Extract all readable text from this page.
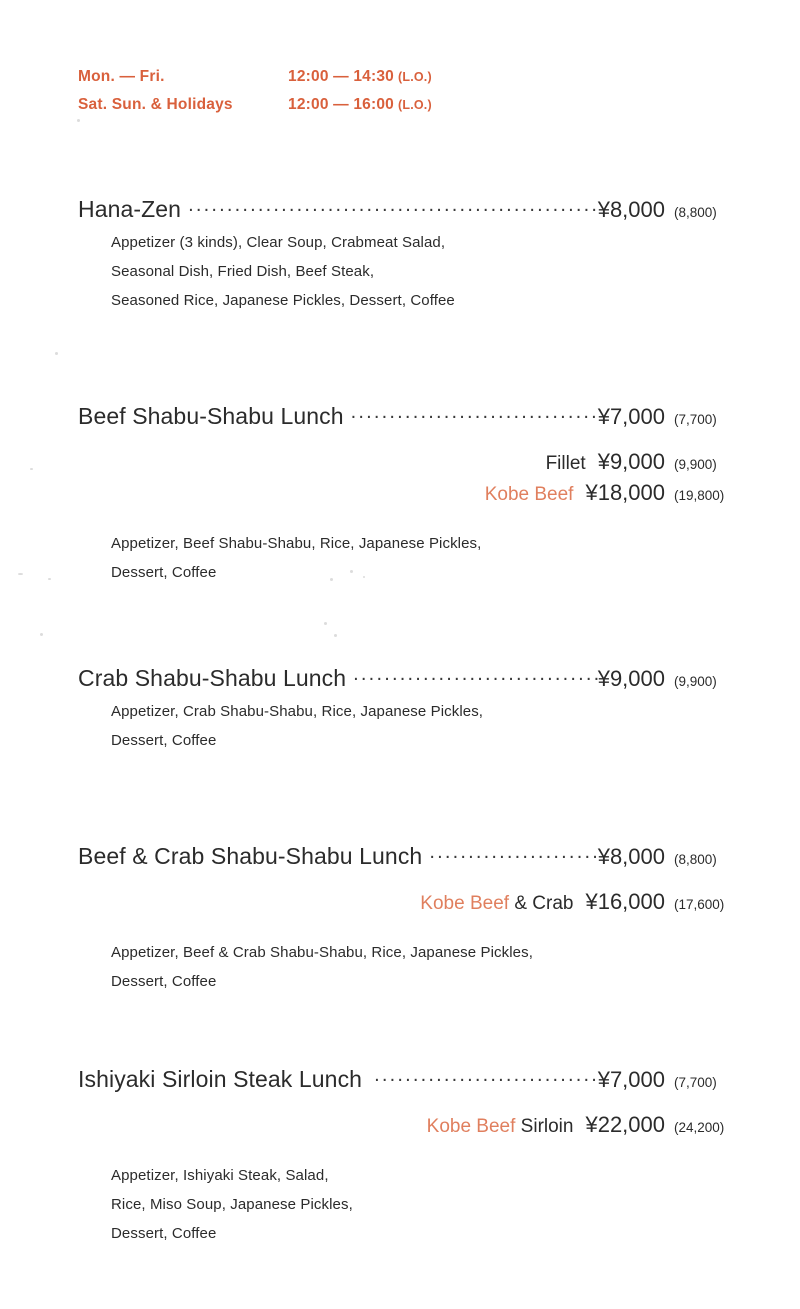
Mon. — Fri.	12:00 — 14:30 (L.O.)
Sat. Sun. & Holidays	12:00 — 16:00 (L.O.)
Hana-Zen .....	¥8,000 (8,800)
Appetizer (3 kinds), Clear Soup, Crabmeat Salad,
Seasonal Dish, Fried Dish, Beef Steak,
Seasoned Rice, Japanese Pickles, Dessert, Coffee
Beef Shabu-Shabu Lunch .....	¥7,000 (7,700)
Fillet ¥9,000 (9,900)
Kobe Beef ¥18,000 (19,800)
Appetizer, Beef Shabu-Shabu, Rice, Japanese Pickles,
Dessert, Coffee
Crab Shabu-Shabu Lunch .....	¥9,000 (9,900)
Appetizer, Crab Shabu-Shabu, Rice, Japanese Pickles,
Dessert, Coffee
Beef & Crab Shabu-Shabu Lunch .....	¥8,000 (8,800)
Kobe Beef & Crab ¥16,000 (17,600)
Appetizer, Beef & Crab Shabu-Shabu, Rice, Japanese Pickles,
Dessert, Coffee
Ishiyaki Sirloin Steak Lunch .....	¥7,000 (7,700)
Kobe Beef Sirloin ¥22,000 (24,200)
Appetizer, Ishiyaki Steak, Salad,
Rice, Miso Soup, Japanese Pickles,
Dessert, Coffee
